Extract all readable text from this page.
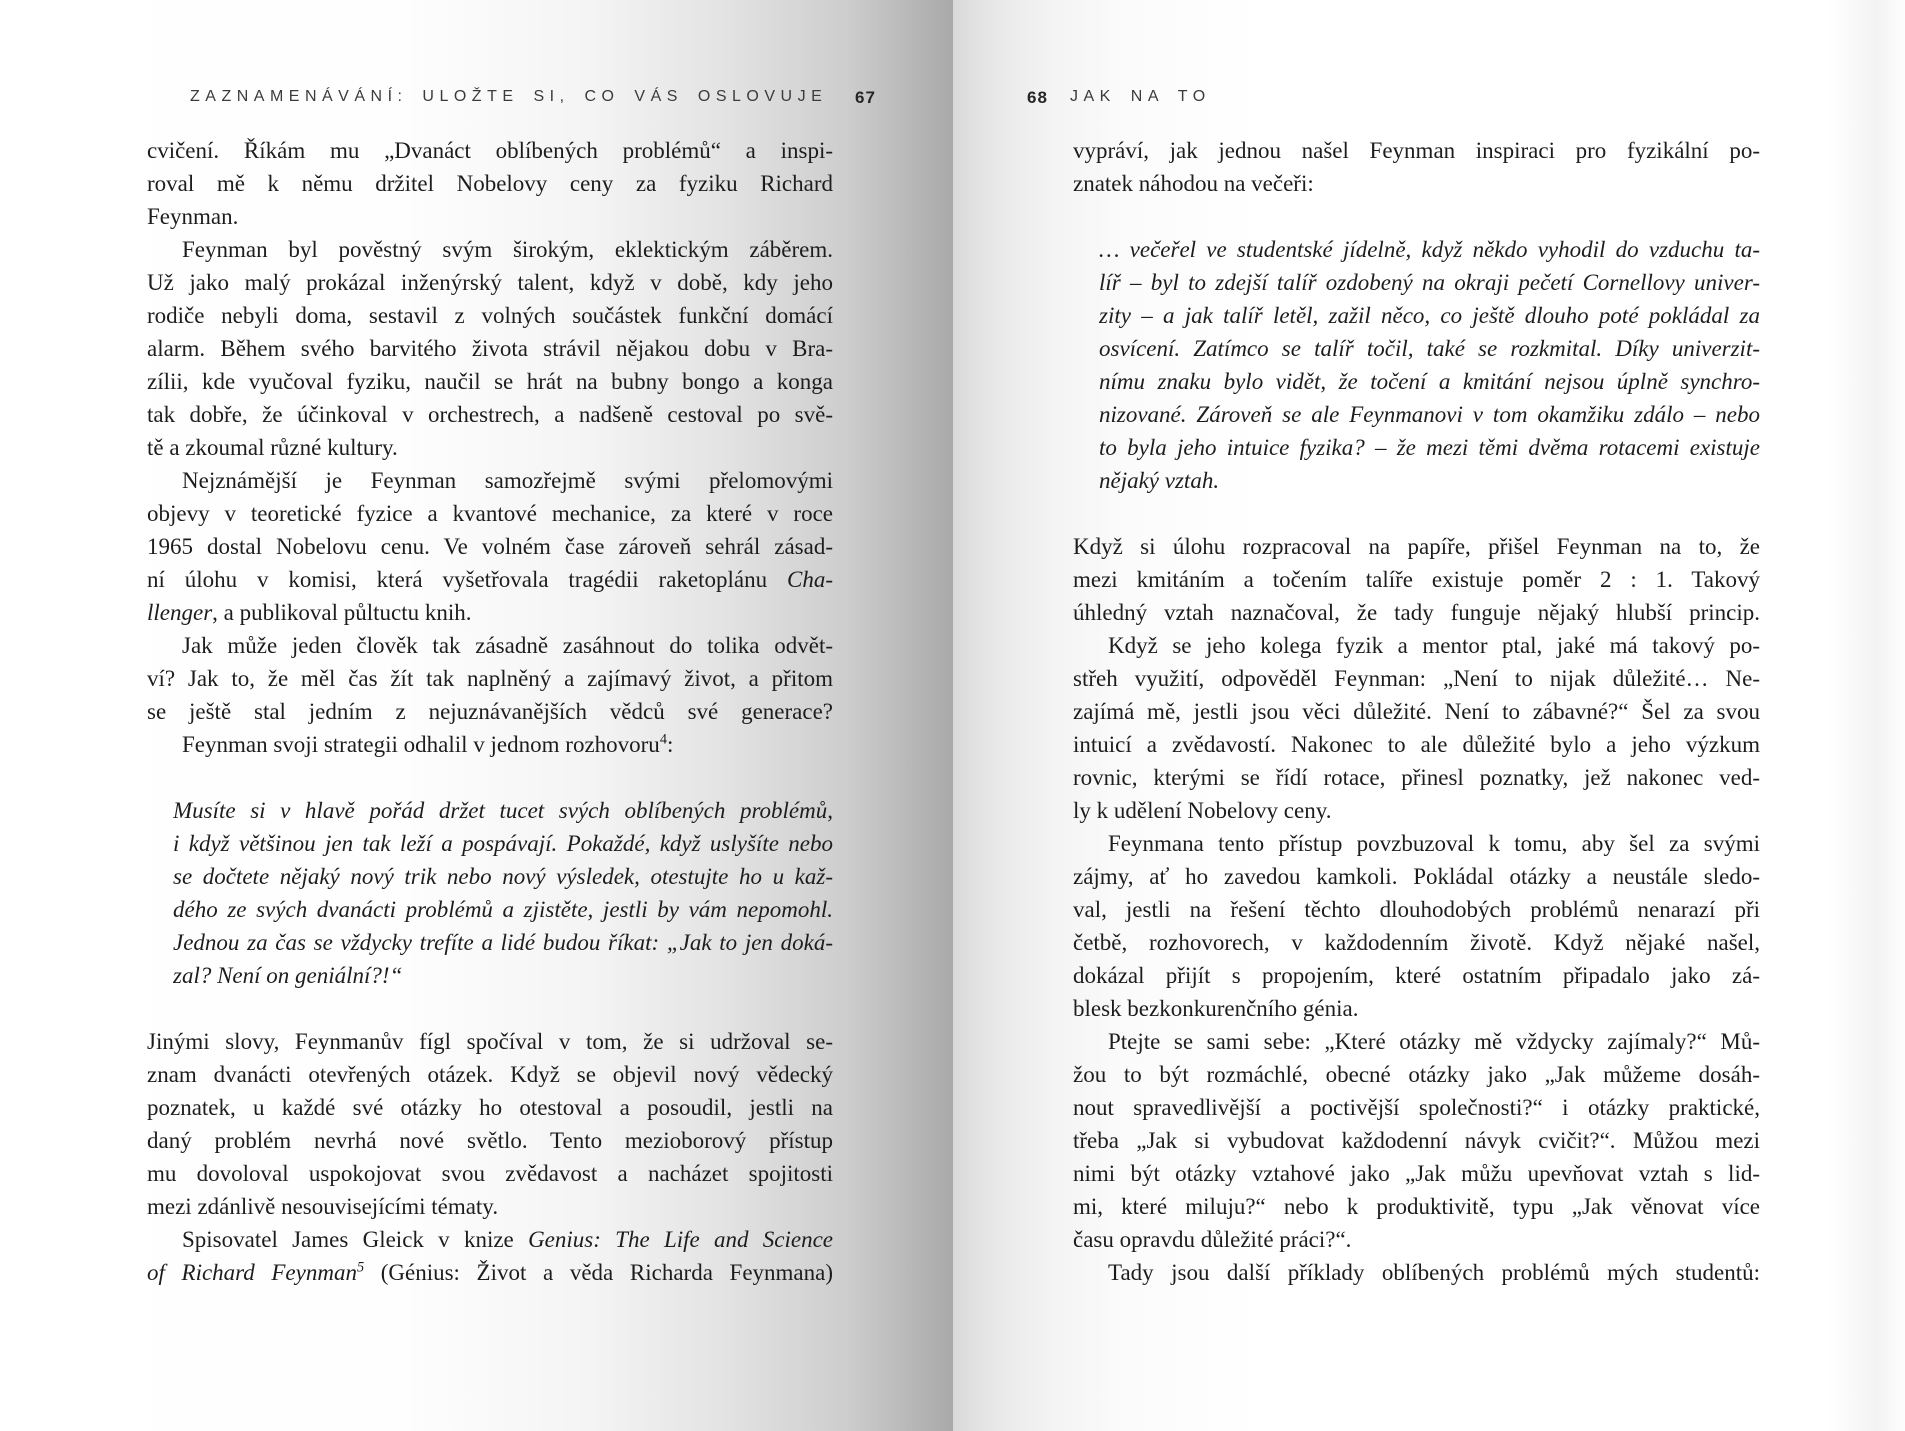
ZAZNAMENÁVÁNÍ: ULOŽTE SI, CO VÁS OSLOVUJE 67
cvičení. Říkám mu „Dvanáct oblíbených problémů“ a inspi-
roval mě k němu držitel Nobelovy ceny za fyziku Richard
Feynman.
Feynman byl pověstný svým širokým, eklektickým záběrem.
Už jako malý prokázal inženýrský talent, když v době, kdy jeho
rodiče nebyli doma, sestavil z volných součástek funkční domácí
alarm. Během svého barvitého života strávil nějakou dobu v Bra-
zílii, kde vyučoval fyziku, naučil se hrát na bubny bongo a konga
tak dobře, že účinkoval v orchestrech, a nadšeně cestoval po svě-
tě a zkoumal různé kultury.
Nejznámější je Feynman samozřejmě svými přelomovými
objevy v teoretické fyzice a kvantové mechanice, za které v roce
1965 dostal Nobelovu cenu. Ve volném čase zároveň sehrál zásad-
ní úlohu v komisi, která vyšetřovala tragédii raketoplánu Cha-
llenger, a publikoval půltuctu knih.
Jak může jeden člověk tak zásadně zasáhnout do tolika odvět-
ví? Jak to, že měl čas žít tak naplněný a zajímavý život, a přitom
se ještě stal jedním z nejuznávanějších vědců své generace?
Feynman svoji strategii odhalil v jednom rozhovoru$^4$:
Musíte si v hlavě pořád držet tucet svých oblíbených problémů,
i když většinou jen tak leží a pospávají. Pokaždé, když uslyšíte nebo
se dočtete nějaký nový trik nebo nový výsledek, otestujte ho u kaž-
dého ze svých dvanácti problémů a zjistěte, jestli by vám nepomohl.
Jednou za čas se vždycky trefíte a lidé budou říkat: „Jak to jen doká-
zal? Není on geniální?!“
Jinými slovy, Feynmanův fígl spočíval v tom, že si udržoval se-
znam dvanácti otevřených otázek. Když se objevil nový vědecký
poznatek, u každé své otázky ho otestoval a posoudil, jestli na
daný problém nevrhá nové světlo. Tento mezioborový přístup
mu dovoloval uspokojovat svou zvědavost a nacházet spojitosti
mezi zdánlivě nesouvisejícími tématy.
Spisovatel James Gleick v knize Genius: The Life and Science
of Richard Feynman$^5$ (Génius: Život a věda Richarda Feynmana)
68 JAK NA TO
vypráví, jak jednou našel Feynman inspiraci pro fyzikální po-
znatek náhodou na večeři:
… večeřel ve studentské jídelně, když někdo vyhodil do vzduchu ta-
líř – byl to zdejší talíř ozdobený na okraji pečetí Cornellovy univer-
zity – a jak talíř letěl, zažil něco, co ještě dlouho poté pokládal za
osvícení. Zatímco se talíř točil, také se rozkmital. Díky univerzit-
nímu znaku bylo vidět, že točení a kmitání nejsou úplně synchro-
nizované. Zároveň se ale Feynmanovi v tom okamžiku zdálo – nebo
to byla jeho intuice fyzika? – že mezi těmi dvěma rotacemi existuje
nějaký vztah.
Když si úlohu rozpracoval na papíře, přišel Feynman na to, že
mezi kmitáním a točením talíře existuje poměr 2 : 1. Takový
úhledný vztah naznačoval, že tady funguje nějaký hlubší princip.
Když se jeho kolega fyzik a mentor ptal, jaké má takový po-
střeh využití, odpověděl Feynman: „Není to nijak důležité… Ne-
zajímá mě, jestli jsou věci důležité. Není to zábavné?“ Šel za svou
intuicí a zvědavostí. Nakonec to ale důležité bylo a jeho výzkum
rovnic, kterými se řídí rotace, přinesl poznatky, jež nakonec ved-
ly k udělení Nobelovy ceny.
Feynmana tento přístup povzbuzoval k tomu, aby šel za svými
zájmy, ať ho zavedou kamkoli. Pokládal otázky a neustále sledo-
val, jestli na řešení těchto dlouhodobých problémů nenarazí při
četbě, rozhovorech, v každodenním životě. Když nějaké našel,
dokázal přijít s propojením, které ostatním připadalo jako zá-
blesk bezkonkurenčního génia.
Ptejte se sami sebe: „Které otázky mě vždycky zajímaly?“ Mů-
žou to být rozmáchlé, obecné otázky jako „Jak můžeme dosáh-
nout spravedlivější a poctivější společnosti?“ i otázky praktické,
třeba „Jak si vybudovat každodenní návyk cvičit?“. Můžou mezi
nimi být otázky vztahové jako „Jak můžu upevňovat vztah s lid-
mi, které miluju?“ nebo k produktivitě, typu „Jak věnovat více
času opravdu důležité práci?“.
Tady jsou další příklady oblíbených problémů mých studentů:
